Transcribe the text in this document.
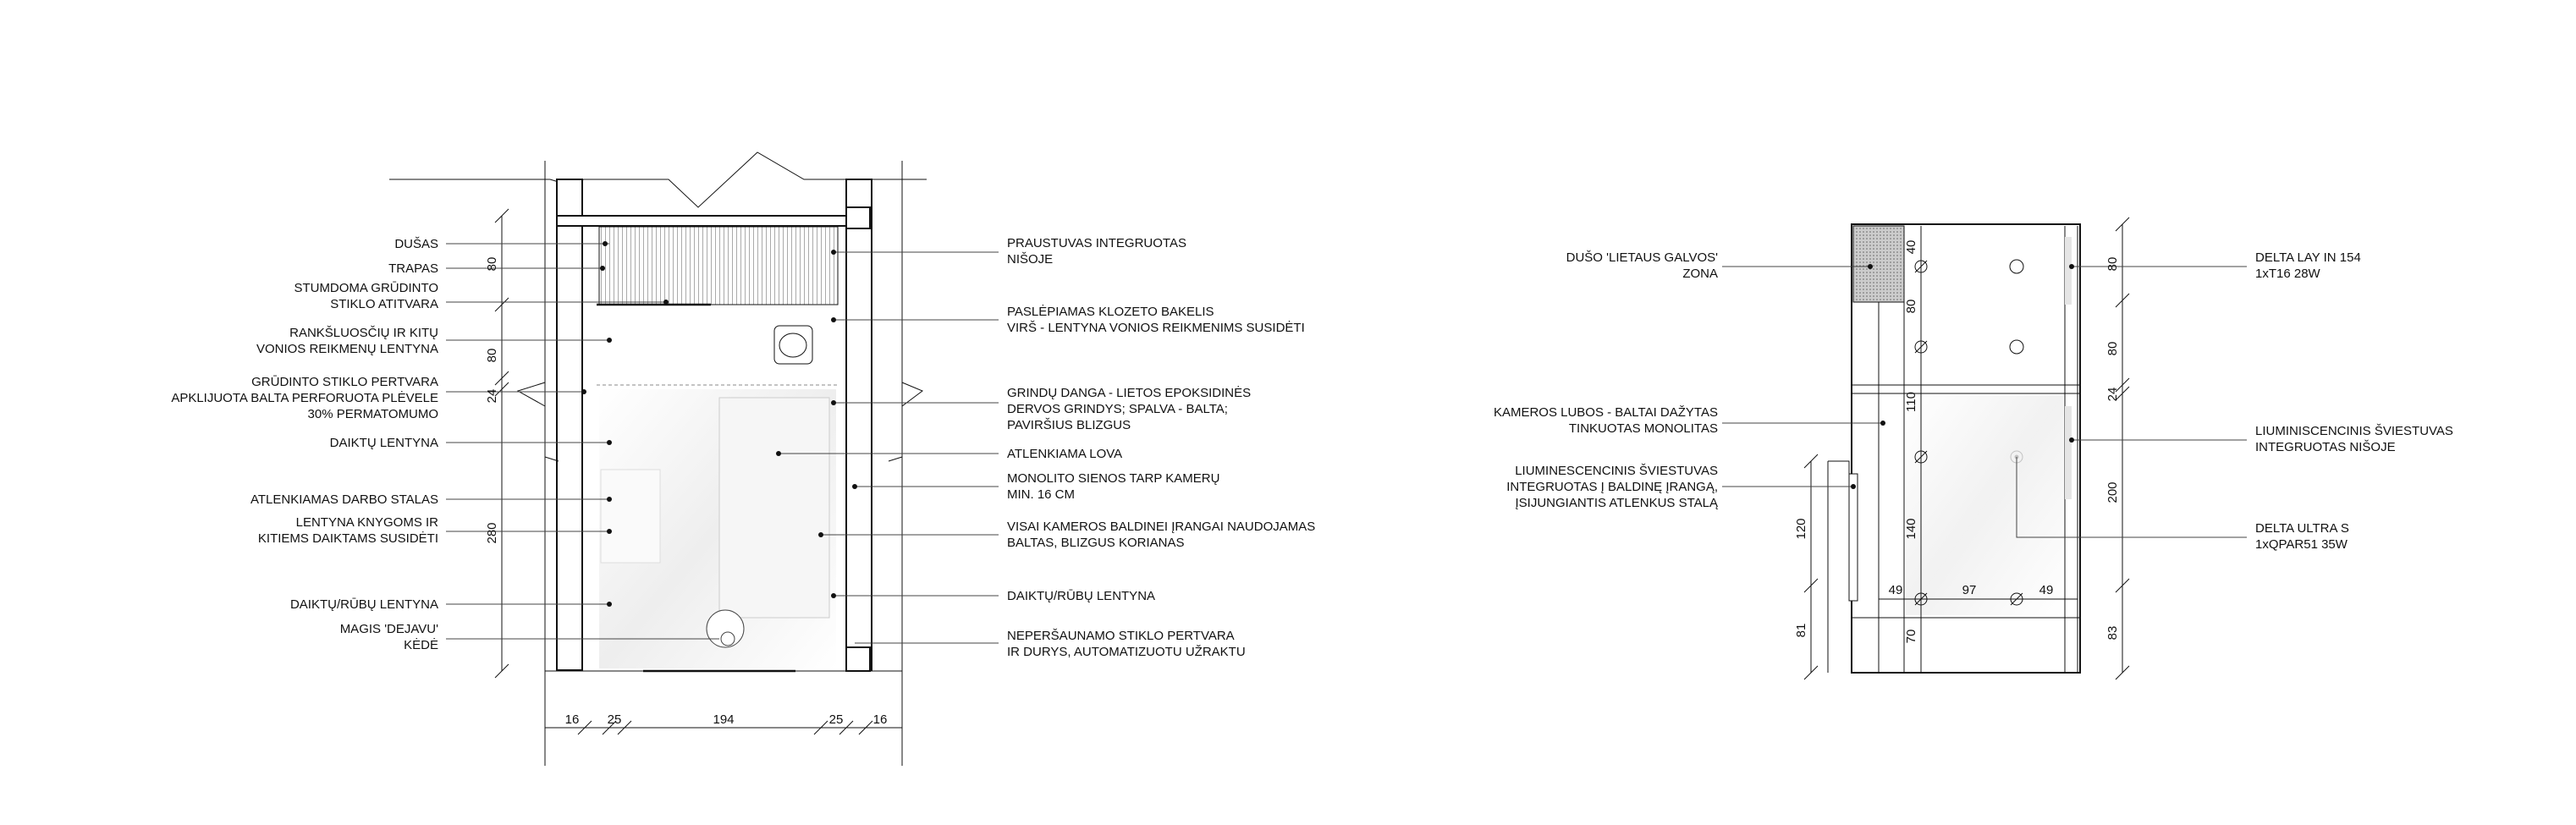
DUŠAS
TRAPAS
STUMDOMA GRŪDINTO
STIKLO ATITVARA
RANKŠLUOSČIŲ IR KITŲ
VONIOS REIKMENŲ LENTYNA
GRŪDINTO STIKLO PERTVARA
APKLIJUOTA BALTA PERFORUOTA PLĖVELE
30% PERMATOMUMO
DAIKTŲ LENTYNA
ATLENKIAMAS DARBO STALAS
LENTYNA KNYGOMS IR
KITIEMS DAIKTAMS SUSIDĖTI
DAIKTŲ/RŪBŲ LENTYNA
MAGIS 'DEJAVU'
KĖDĖ
PRAUSTUVAS INTEGRUOTAS
NIŠOJE
PASLĖPIAMAS KLOZETO BAKELIS
VIRŠ - LENTYNA VONIOS REIKMENIMS SUSIDĖTI
GRINDŲ DANGA - LIETOS EPOKSIDINĖS
DERVOS GRINDYS; SPALVA - BALTA;
PAVIRŠIUS BLIZGUS
ATLENKIAMA LOVA
MONOLITO SIENOS TARP KAMERŲ
MIN. 16 CM
VISAI KAMEROS BALDINEI ĮRANGAI NAUDOJAMAS
BALTAS, BLIZGUS KORIANAS
DAIKTŲ/RŪBŲ LENTYNA
NEPERŠAUNAMO STIKLO PERTVARA
IR DURYS, AUTOMATIZUOTU UŽRAKTU
80
80
24
280
16 25	194	25 16
DUŠO 'LIETAUS GALVOS'
ZONA
KAMEROS LUBOS - BALTAI DAŽYTAS
TINKUOTAS MONOLITAS
LIUMINESCENCINIS ŠVIESTUVAS
INTEGRUOTAS Į BALDINĘ ĮRANGĄ,
ĮSIJUNGIANTIS ATLENKUS STALĄ
DELTA LAY IN 154
1xT16 28W
LIUMINISCENCINIS ŠVIESTUVAS
INTEGRUOTAS NIŠOJE
DELTA ULTRA S
1xQPAR51 35W
40
80
110
140
70
120
81
49	97	49
80
80
24
200
83
